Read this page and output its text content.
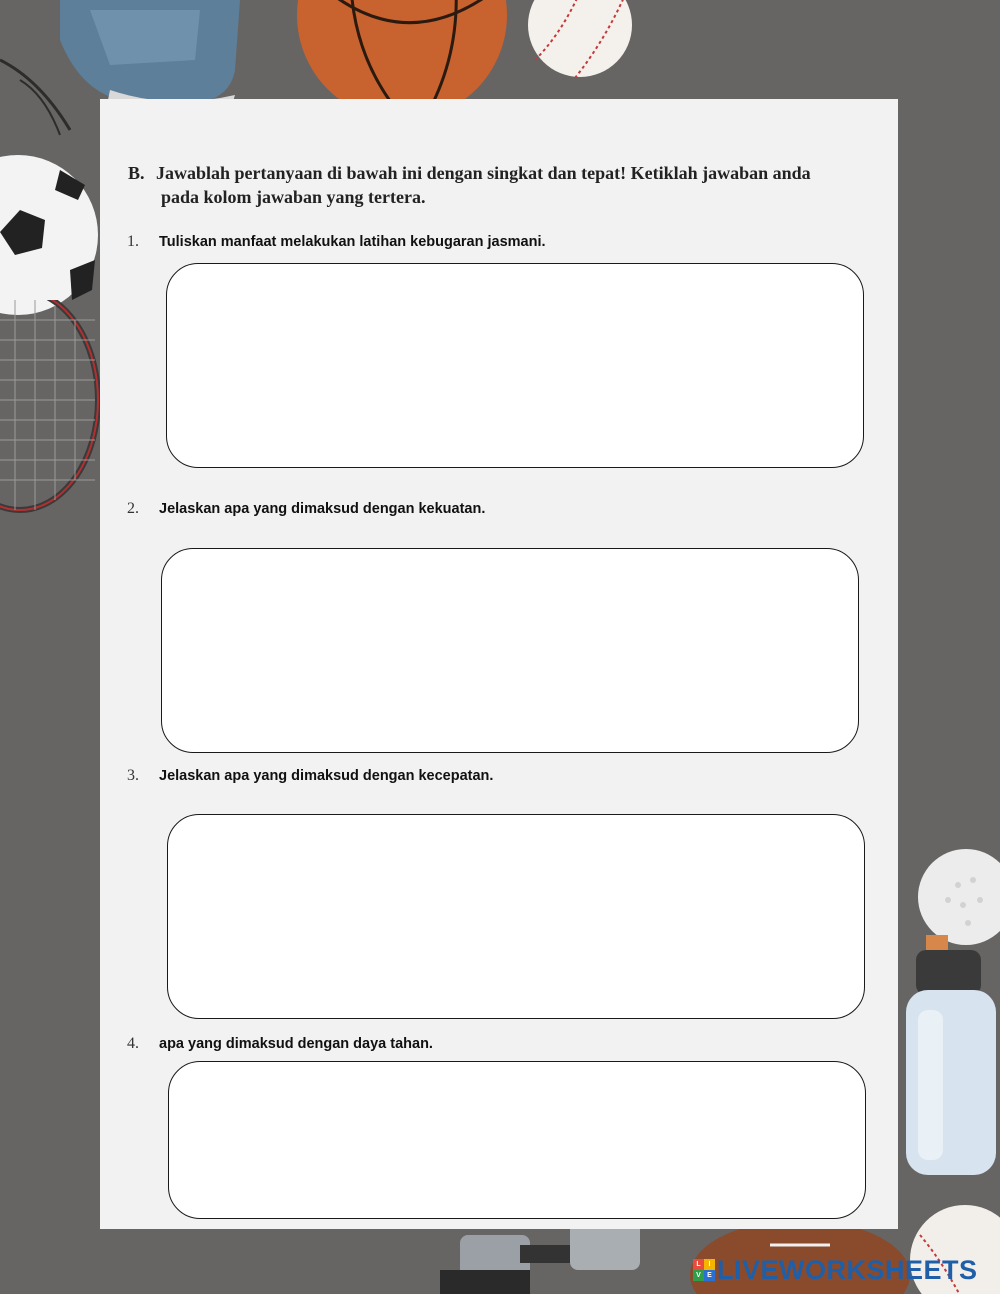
B. Jawablah pertanyaan di bawah ini dengan singkat dan tepat! Ketiklah jawaban anda
pada kolom jawaban yang tertera.
1. Tuliskan manfaat melakukan latihan kebugaran jasmani.
2. Jelaskan apa yang dimaksud dengan kekuatan.
3. Jelaskan apa yang dimaksud dengan kecepatan.
4. apa yang dimaksud dengan daya tahan.
L	I
V E LIVEWORKSHEETS
